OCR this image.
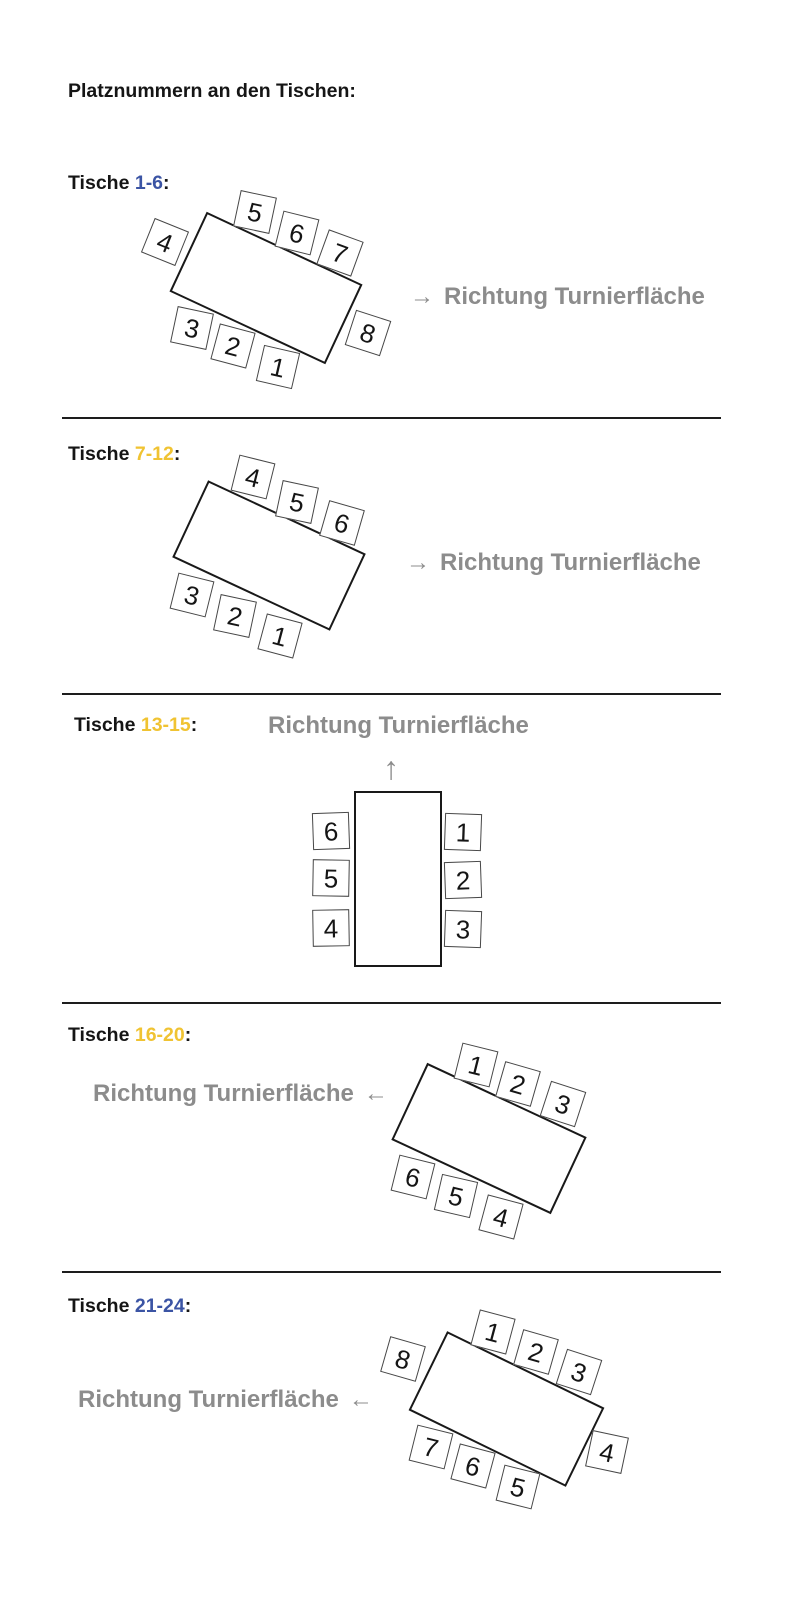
Platznummern an den Tischen:
Tische 1-6:
5
6
7
4
8
3
2
1
→ Richtung Turnierfläche
Tische 7-12:
4
5
6
3
2
1
→ Richtung Turnierfläche
Tische 13-15:	Richtung Turnierfläche
↑
6
5
4
1
2
3
Tische 16-20:
Richtung Turnierfläche ←
1
2
3
6
5
4
Tische 21-24:
Richtung Turnierfläche ←
1
2
3
8
4
7
6
5
